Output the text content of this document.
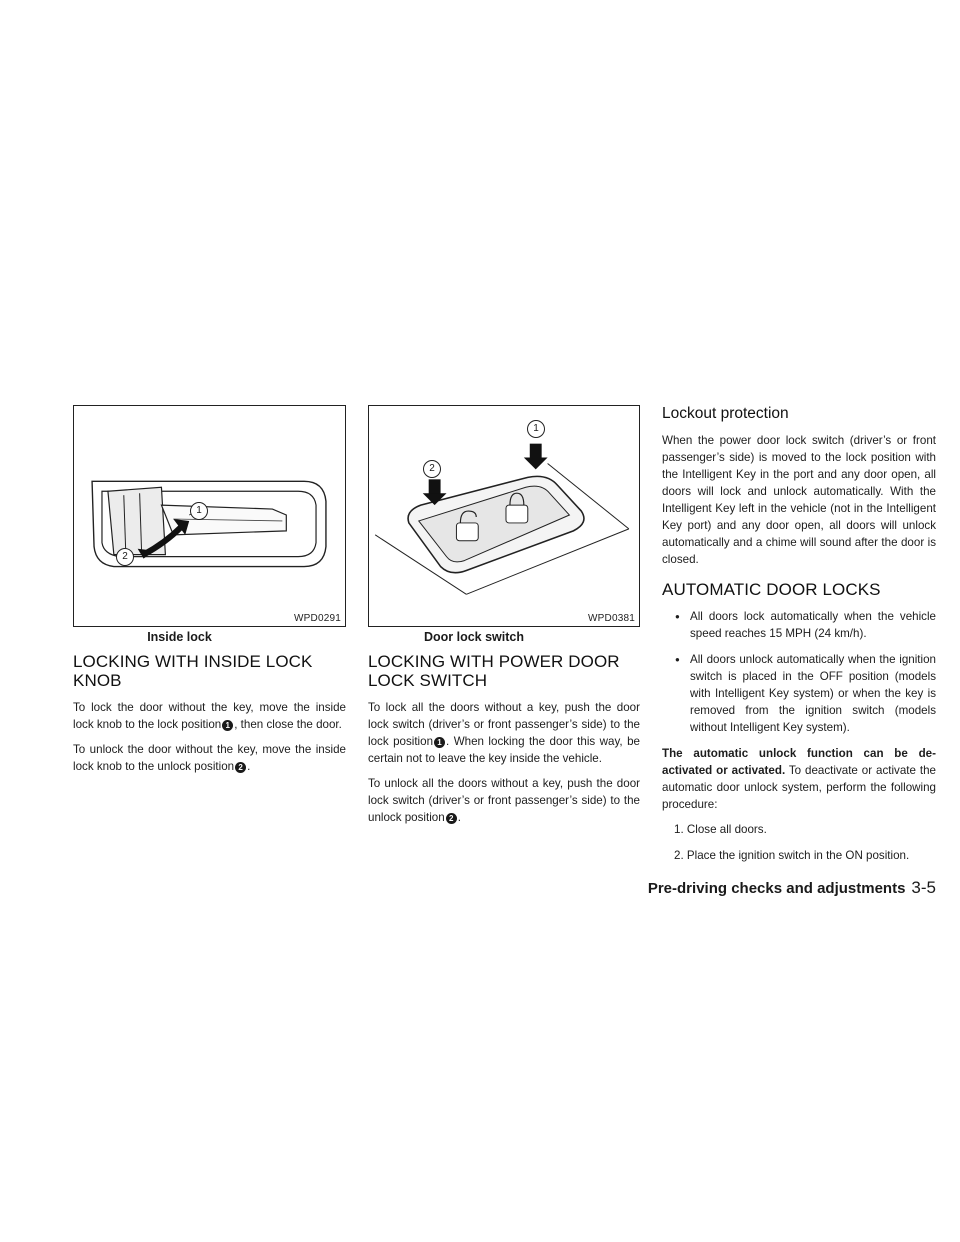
1
2
WPD0291
Inside lock
LOCKING WITH INSIDE LOCK KNOB

To lock the door without the key, move the inside lock knob to the lock position 1 , then close the door.

To unlock the door without the key, move the inside lock knob to the unlock position 2 .

1
2
WPD0381
Door lock switch
LOCKING WITH POWER DOOR LOCK SWITCH

To lock all the doors without a key, push the door lock switch (driver’s or front passenger’s side) to the lock position 1 . When locking the door this way, be certain not to leave the key inside the vehicle.

To unlock all the doors without a key, push the door lock switch (driver’s or front passenger’s side) to the unlock position 2 .

Lockout protection

When the power door lock switch (driver’s or front passenger’s side) is moved to the lock position with the Intelligent Key in the port and any door open, all doors will lock and unlock automatically. With the Intelligent Key left in the vehicle (not in the Intelligent Key port) and any door open, all doors will unlock automatically and a chime will sound after the door is closed.

AUTOMATIC DOOR LOCKS
● All doors lock automatically when the vehicle speed reaches 15 MPH (24 km/h).
● All doors unlock automatically when the ignition switch is placed in the OFF position (models with Intelligent Key system) or when the key is removed from the ignition switch (models without Intelligent Key system).

The automatic unlock function can be de-activated or activated. To deactivate or activate the automatic door unlock system, perform the following procedure:

1. Close all doors.
2. Place the ignition switch in the ON position.
Pre-driving checks and adjustments 3-5
